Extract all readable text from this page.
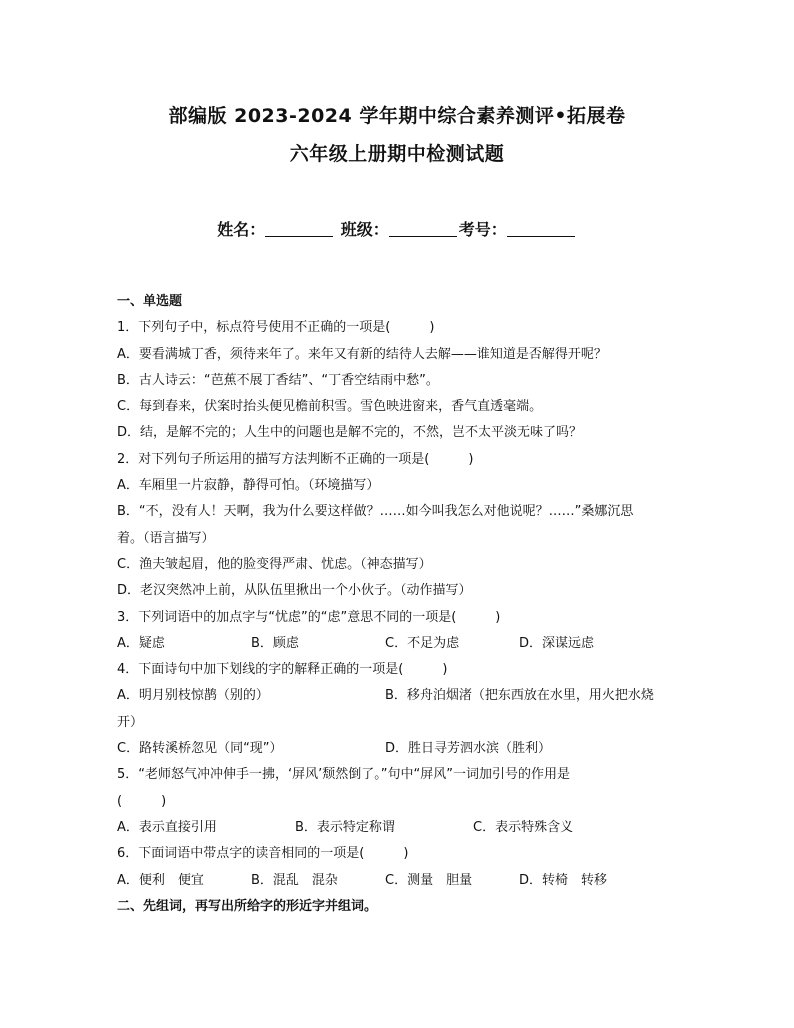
部编版 2023-2024 学年期中综合素养测评•拓展卷
六年级上册期中检测试题
姓名：	班级：	考号：
一、单选题
1．下列句子中，标点符号使用不正确的一项是(　　　)
A．要看满城丁香，须待来年了。来年又有新的结待人去解——谁知道是否解得开呢？
B．古人诗云：“芭蕉不展丁香结”、“丁香空结雨中愁”。
C．每到春来，伏案时抬头便见檐前积雪。雪色映进窗来，香气直透毫端。
D．结，是解不完的；人生中的问题也是解不完的，不然，岂不太平淡无味了吗？
2．对下列句子所运用的描写方法判断不正确的一项是(　　　)
A．车厢里一片寂静，静得可怕。（环境描写）
B．“不，没有人！天啊，我为什么要这样做？……如今叫我怎么对他说呢？……”桑娜沉思
着。（语言描写）
C．渔夫皱起眉，他的脸变得严肃、忧虑。（神态描写）
D．老汉突然冲上前，从队伍里揪出一个小伙子。（动作描写）
3．下列词语中的加点字与“忧虑”的“虑”意思不同的一项是(　　　)
A．疑虑	B．顾虑	C．不足为虑	D．深谋远虑
4．下面诗句中加下划线的字的解释正确的一项是(　　　)
A．明月别枝惊鹊（别的）	B．移舟泊烟渚（把东西放在水里，用火把水烧
开）
C．路转溪桥忽见（同“现”）	D．胜日寻芳泗水滨（胜利）
5．“老师怒气冲冲伸手一拂，‘屏风’颓然倒了。”句中“屏风”一词加引号的作用是
(　　　)
A．表示直接引用	B．表示特定称谓	C．表示特殊含义
6．下面词语中带点字的读音相同的一项是(　　　)
A．便利　便宜	B．混乱　混杂	C．测量　胆量	D．转椅　转移
二、先组词，再写出所给字的形近字并组词。
